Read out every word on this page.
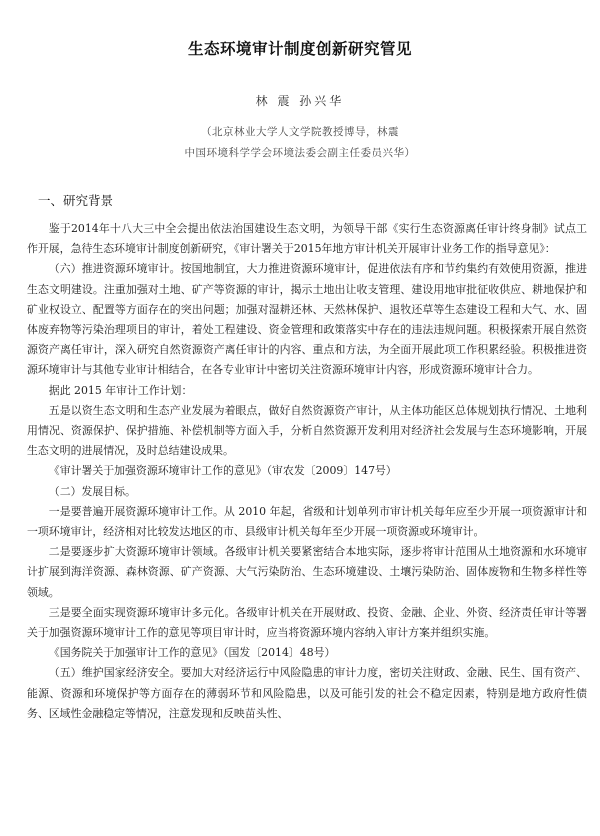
生态环境审计制度创新研究管见
林 震 孙兴华
（北京林业大学人文学院教授博导，林震
中国环境科学学会环境法委会副主任委员兴华）
一、研究背景

鉴于2014年十八大三中全会提出依法治国建设生态文明，为领导干部《实行生态资源离任审计终身制》试点工作开展，急待生态环境审计制度创新研究，《审计署关于2015年地方审计机关开展审计业务工作的指导意见》：

（六）推进资源环境审计。按国地制宜，大力推进资源环境审计，促进依法有序和节约集约有效使用资源，推进生态文明建设。注重加强对土地、矿产等资源的审计，揭示土地出让收支管理、建设用地审批征收供应、耕地保护和矿业权设立、配置等方面存在的突出问题；加强对湿耕还林、天然林保护、退牧还草等生态建设工程和大气、水、固体废弃物等污染治理项目的审计，着处工程建设、资金管理和政策落实中存在的违法违规问题。积极探索开展自然资源资产离任审计，深入研究自然资源资产离任审计的内容、重点和方法，为全面开展此项工作积累经验。积极推进资源环境审计与其他专业审计相结合，在各专业审计中密切关注资源环境审计内容，形成资源环境审计合力。

据此 2015 年审计工作计划：

五是以资生态文明和生态产业发展为着眼点，做好自然资源资产审计，从主体功能区总体规划执行情况、土地利用情况、资源保护、保护措施、补偿机制等方面入手，分析自然资源开发利用对经济社会发展与生态环境影响，开展生态文明的进展情况，及时总结建设成果。

《审计署关于加强资源环境审计工作的意见》（审农发〔2009〕147号）

（二）发展目标。

一是要普遍开展资源环境审计工作。从 2010 年起，省级和计划单列市审计机关每年应至少开展一项资源审计和一项环境审计，经济相对比较发达地区的市、县级审计机关每年至少开展一项资源或环境审计。

二是要逐步扩大资源环境审计领域。各级审计机关要紧密结合本地实际，逐步将审计范围从土地资源和水环境审计扩展到海洋资源、森林资源、矿产资源、大气污染防治、生态环境建设、土壤污染防治、固体废物和生物多样性等领域。

三是要全面实现资源环境审计多元化。各级审计机关在开展财政、投资、金融、企业、外资、经济责任审计等署关于加强资源环境审计工作的意见等项目审计时，应当将资源环境内容纳入审计方案并组织实施。

《国务院关于加强审计工作的意见》（国发〔2014〕48号）

（五）维护国家经济安全。要加大对经济运行中风险隐患的审计力度，密切关注财政、金融、民生、国有资产、能源、资源和环境保护等方面存在的薄弱环节和风险隐患，以及可能引发的社会不稳定因素，特别是地方政府性债务、区域性金融稳定等情况，注意发现和反映苗头性、
